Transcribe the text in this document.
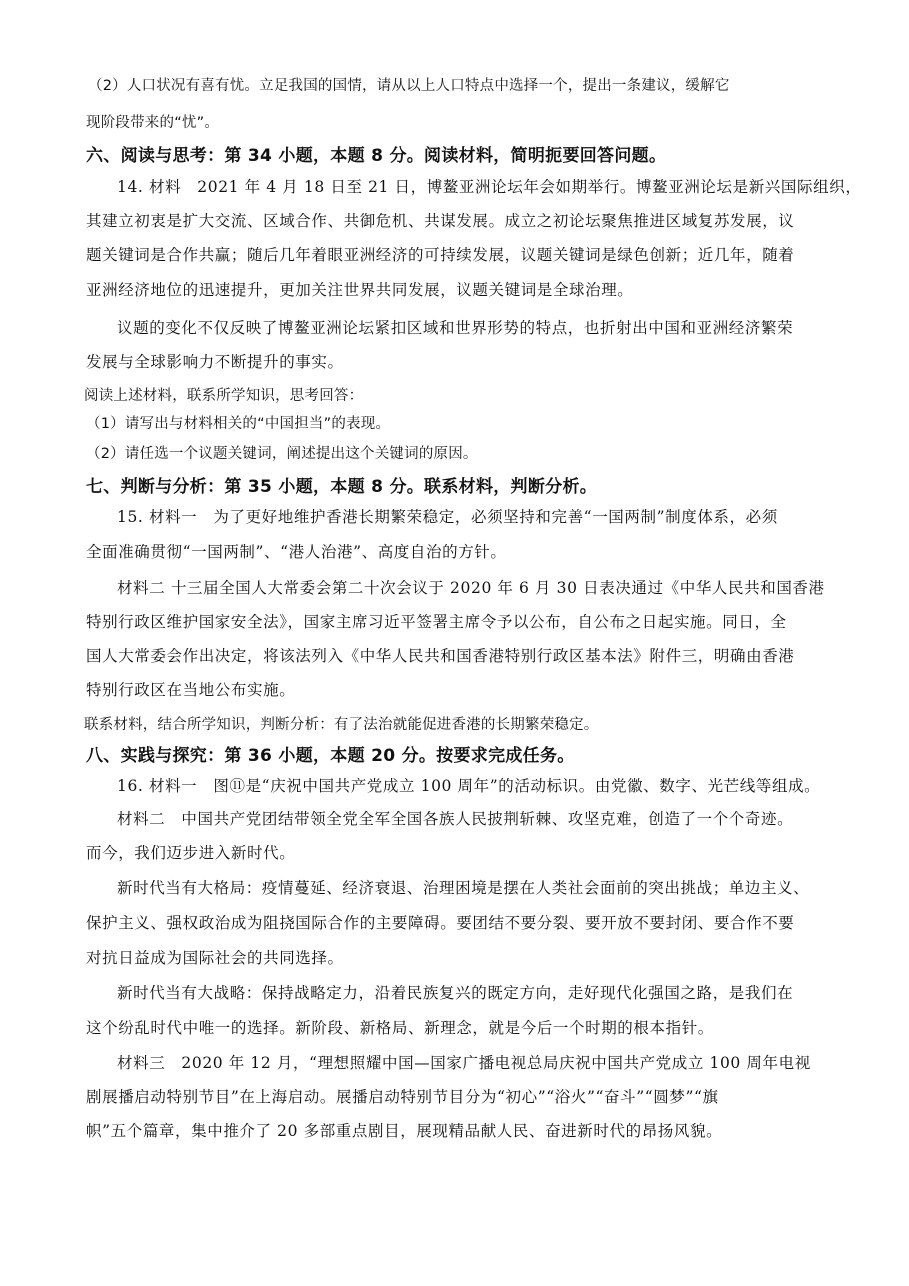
（2）人口状况有喜有忧。立足我国的国情，请从以上人口特点中选择一个，提出一条建议，缓解它
现阶段带来的“忧”。
六、阅读与思考：第 34 小题，本题 8 分。阅读材料，简明扼要回答问题。
14. 材料　2021 年 4 月 18 日至 21 日，博鳌亚洲论坛年会如期举行。博鳌亚洲论坛是新兴国际组织，
其建立初衷是扩大交流、区域合作、共御危机、共谋发展。成立之初论坛聚焦推进区域复苏发展，议
题关键词是合作共赢；随后几年着眼亚洲经济的可持续发展，议题关键词是绿色创新；近几年，随着
亚洲经济地位的迅速提升，更加关注世界共同发展，议题关键词是全球治理。
议题的变化不仅反映了博鳌亚洲论坛紧扣区域和世界形势的特点，也折射出中国和亚洲经济繁荣
发展与全球影响力不断提升的事实。
阅读上述材料，联系所学知识，思考回答：
（1）请写出与材料相关的“中国担当”的表现。
（2）请任选一个议题关键词，阐述提出这个关键词的原因。
七、判断与分析：第 35 小题，本题 8 分。联系材料，判断分析。
15. 材料一　为了更好地维护香港长期繁荣稳定，必须坚持和完善“一国两制”制度体系，必须
全面准确贯彻“一国两制”、“港人治港”、高度自治的方针。
材料二 十三届全国人大常委会第二十次会议于 2020 年 6 月 30 日表决通过《中华人民共和国香港
特别行政区维护国家安全法》，国家主席习近平签署主席令予以公布，自公布之日起实施。同日，全
国人大常委会作出决定，将该法列入《中华人民共和国香港特别行政区基本法》附件三，明确由香港
特别行政区在当地公布实施。
联系材料，结合所学知识，判断分析：有了法治就能促进香港的长期繁荣稳定。
八、实践与探究：第 36 小题，本题 20 分。按要求完成任务。
16. 材料一　图⑪是“庆祝中国共产党成立 100 周年”的活动标识。由党徽、数字、光芒线等组成。
材料二　中国共产党团结带领全党全军全国各族人民披荆斩棘、攻坚克难，创造了一个个奇迹。
而今，我们迈步进入新时代。
新时代当有大格局：疫情蔓延、经济衰退、治理困境是摆在人类社会面前的突出挑战；单边主义、
保护主义、强权政治成为阻挠国际合作的主要障碍。要团结不要分裂、要开放不要封闭、要合作不要
对抗日益成为国际社会的共同选择。
新时代当有大战略：保持战略定力，沿着民族复兴的既定方向，走好现代化强国之路，是我们在
这个纷乱时代中唯一的选择。新阶段、新格局、新理念，就是今后一个时期的根本指针。
材料三　2020 年 12 月，“理想照耀中国—国家广播电视总局庆祝中国共产党成立 100 周年电视
剧展播启动特别节目”在上海启动。展播启动特别节目分为“初心”“浴火”“奋斗”“圆梦”“旗
帜”五个篇章，集中推介了 20 多部重点剧目，展现精品献人民、奋进新时代的昂扬风貌。
